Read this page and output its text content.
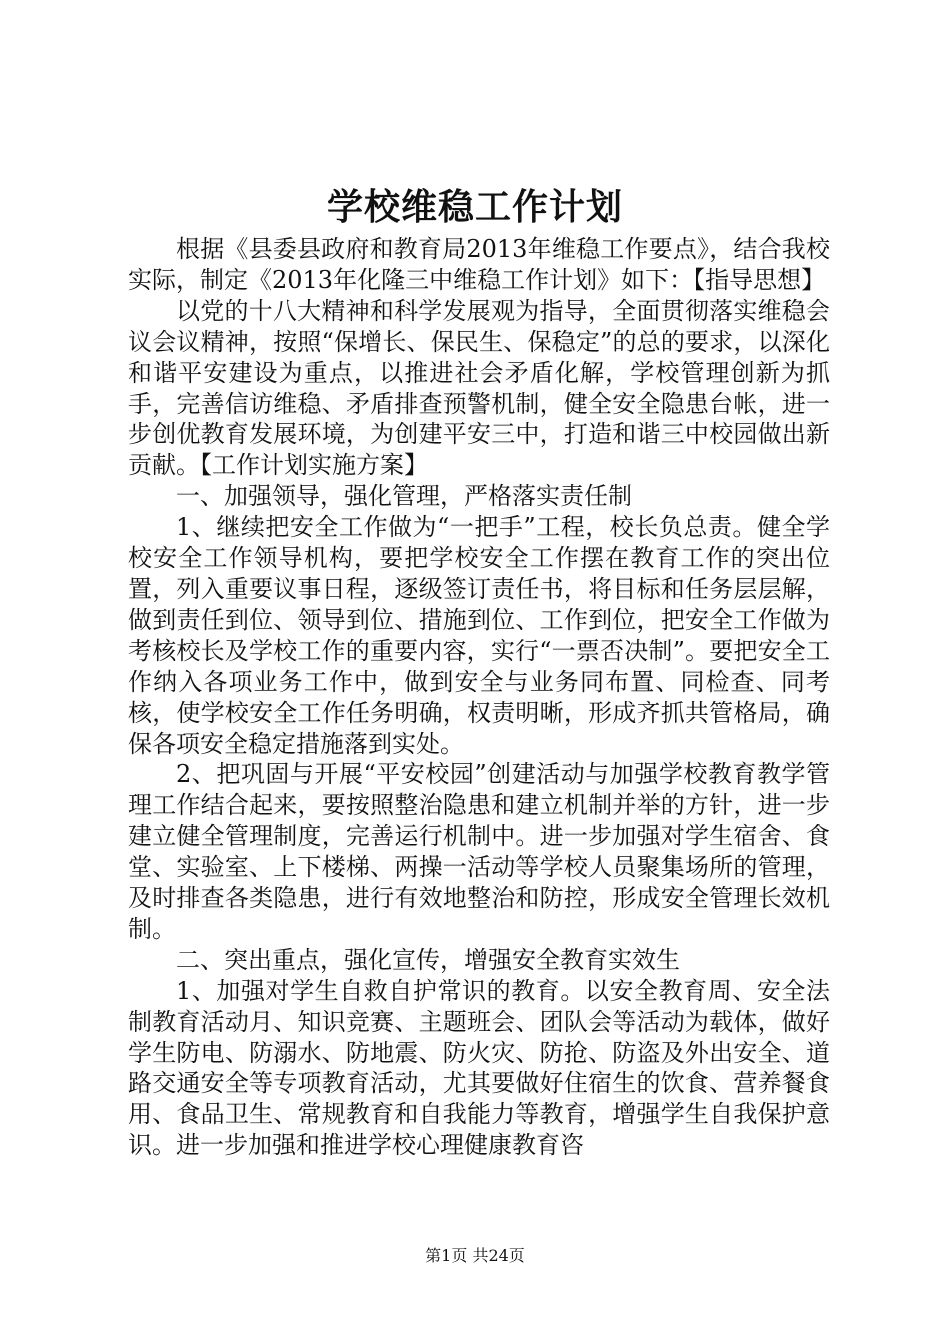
学校维稳工作计划

根据《县委县政府和教育局2013年维稳工作要点》，结合我校实际，制定《2013年化隆三中维稳工作计划》如下：【指导思想】

以党的十八大精神和科学发展观为指导，全面贯彻落实维稳会议会议精神，按照“保增长、保民生、保稳定”的总的要求，以深化和谐平安建设为重点，以推进社会矛盾化解，学校管理创新为抓手，完善信访维稳、矛盾排查预警机制，健全安全隐患台帐，进一步创优教育发展环境，为创建平安三中，打造和谐三中校园做出新贡献。【工作计划实施方案】

一、加强领导，强化管理，严格落实责任制

1、继续把安全工作做为“一把手”工程，校长负总责。健全学校安全工作领导机构，要把学校安全工作摆在教育工作的突出位置，列入重要议事日程，逐级签订责任书，将目标和任务层层解，做到责任到位、领导到位、措施到位、工作到位，把安全工作做为考核校长及学校工作的重要内容，实行“一票否决制”。要把安全工作纳入各项业务工作中，做到安全与业务同布置、同检查、同考核，使学校安全工作任务明确，权责明晰，形成齐抓共管格局，确保各项安全稳定措施落到实处。

2、把巩固与开展“平安校园”创建活动与加强学校教育教学管理工作结合起来，要按照整治隐患和建立机制并举的方针，进一步建立健全管理制度，完善运行机制中。进一步加强对学生宿舍、食堂、实验室、上下楼梯、两操一活动等学校人员聚集场所的管理，及时排查各类隐患，进行有效地整治和防控，形成安全管理长效机制。

二、突出重点，强化宣传，增强安全教育实效生

1、加强对学生自救自护常识的教育。以安全教育周、安全法制教育活动月、知识竞赛、主题班会、团队会等活动为载体，做好学生防电、防溺水、防地震、防火灾、防抢、防盗及外出安全、道路交通安全等专项教育活动，尤其要做好住宿生的饮食、营养餐食用、食品卫生、常规教育和自我能力等教育，增强学生自我保护意识。进一步加强和推进学校心理健康教育咨

第1页 共24页
